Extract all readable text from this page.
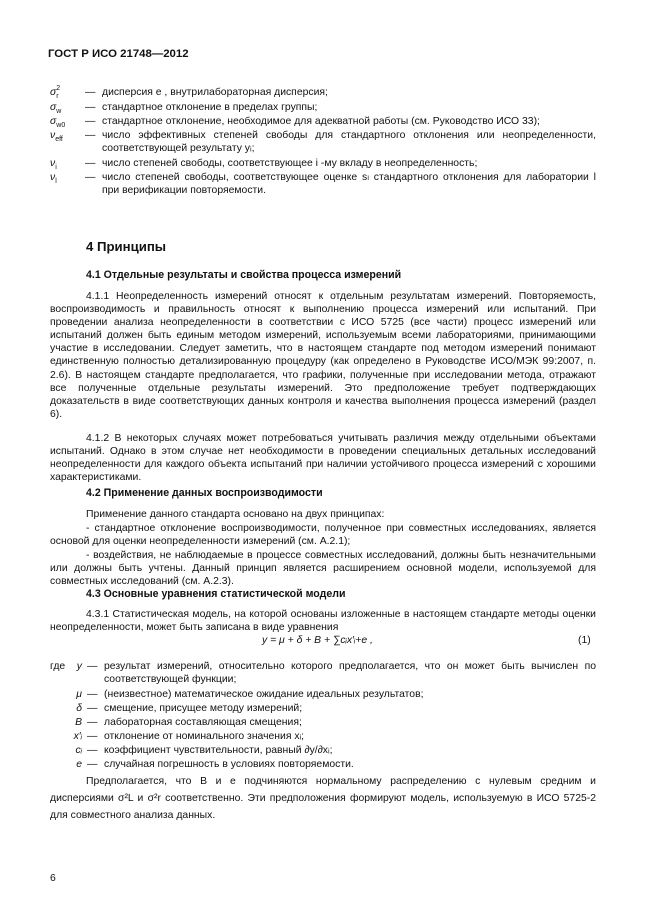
ГОСТ Р ИСО 21748—2012
$\sigma^2_r$	— дисперсия e , внутрилабораторная дисперсия;
$\sigma_w$	— стандартное отклонение в пределах группы;
$\sigma_{w0}$	— стандартное отклонение, необходимое для адекватной работы (см. Руководство ИСО 33);
$\nu_{eff}$	— число эффективных степеней свободы для стандартного отклонения или неопределенности, соответствующей результату yᵢ;
$\nu_i$	— число степеней свободы, соответствующее i -му вкладу в неопределенность;
$\nu_l$	— число степеней свободы, соответствующее оценке sₗ стандартного отклонения для лаборатории l при верификации повторяемости.
4 Принципы
4.1 Отдельные результаты и свойства процесса измерений
4.1.1 Неопределенность измерений относят к отдельным результатам измерений. Повторяемость, воспроизводимость и правильность относят к выполнению процесса измерений или испытаний. При проведении анализа неопределенности в соответствии с ИСО 5725 (все части) процесс измерений или испытаний должен быть единым методом измерений, используемым всеми лабораториями, принимающими участие в исследовании. Следует заметить, что в настоящем стандарте под методом измерений понимают единственную полностью детализированную процедуру (как определено в Руководстве ИСО/МЭК 99:2007, п. 2.6). В настоящем стандарте предполагается, что графики, полученные при исследовании метода, отражают все полученные отдельные результаты измерений. Это предположение требует подтверждающих доказательств в виде соответствующих данных контроля и качества выполнения процесса измерений (раздел 6).
4.1.2 В некоторых случаях может потребоваться учитывать различия между отдельными объектами испытаний. Однако в этом случае нет необходимости в проведении специальных детальных исследований неопределенности для каждого объекта испытаний при наличии устойчивого процесса измерений с хорошими характеристиками.
4.2 Применение данных воспроизводимости
Применение данного стандарта основано на двух принципах:
- стандартное отклонение воспроизводимости, полученное при совместных исследованиях, является основой для оценки неопределенности измерений (см. А.2.1);
- воздействия, не наблюдаемые в процессе совместных исследований, должны быть незначительными или должны быть учтены. Данный принцип является расширением основной модели, используемой для совместных исследований (см. А.2.3).
4.3 Основные уравнения статистической модели
4.3.1 Статистическая модель, на которой основаны изложенные в настоящем стандарте методы оценки неопределенности, может быть записана в виде уравнения
y = μ + δ + B + ∑cᵢx′ᵢ+e ,	(1)
где	y — результат измерений, относительно которого предполагается, что он может быть вычислен по соответствующей функции;
μ — (неизвестное) математическое ожидание идеальных результатов;
δ — смещение, присущее методу измерений;
B — лабораторная составляющая смещения;
x′ᵢ — отклонение от номинального значения xᵢ;
cᵢ — коэффициент чувствительности, равный ∂y/∂xᵢ;
e — случайная погрешность в условиях повторяемости.
Предполагается, что B и e подчиняются нормальному распределению с нулевым средним и дисперсиями σ²L и σ²r соответственно. Эти предположения формируют модель, используемую в ИСО 5725-2 для совместного анализа данных.
6
